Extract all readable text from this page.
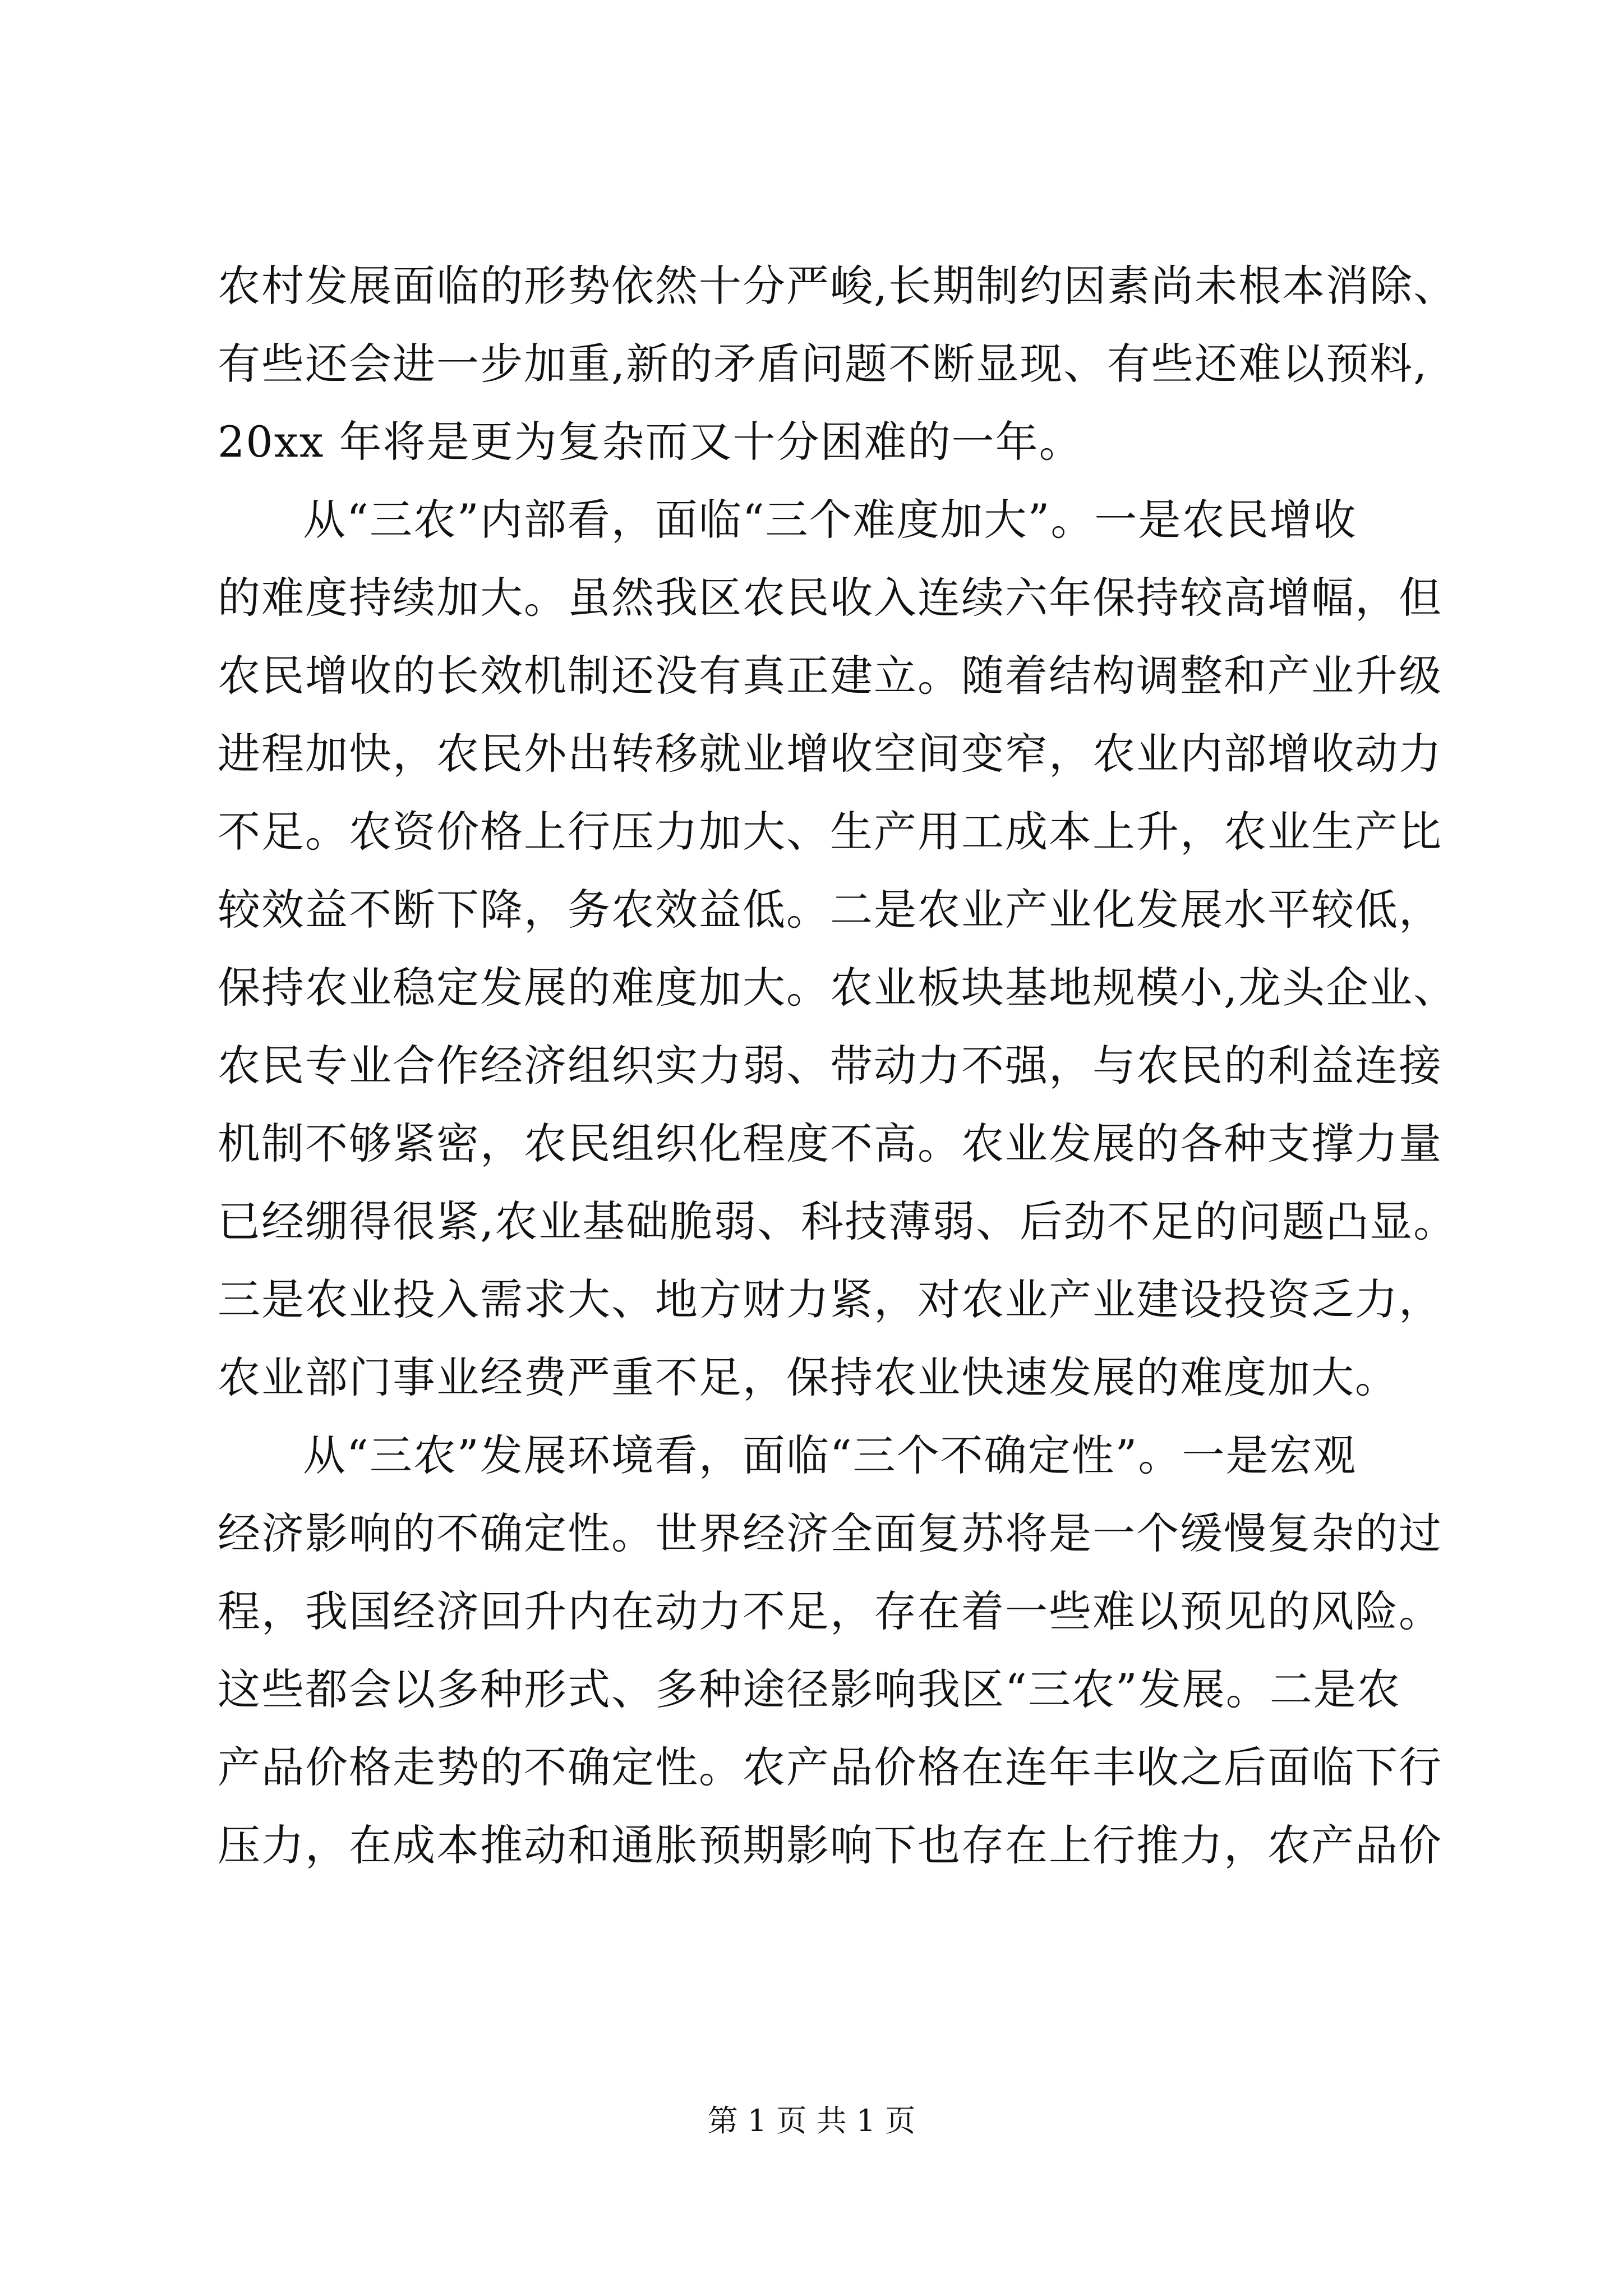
农村发展面临的形势依然十分严峻,长期制约因素尚未根本消除、
有些还会进一步加重,新的矛盾问题不断显现、有些还难以预料,
20xx 年将是更为复杂而又十分困难的一年。
从“三农”内部看，面临“三个难度加大”。一是农民增收
的难度持续加大。虽然我区农民收入连续六年保持较高增幅，但
农民增收的长效机制还没有真正建立。随着结构调整和产业升级
进程加快，农民外出转移就业增收空间变窄，农业内部增收动力
不足。农资价格上行压力加大、生产用工成本上升，农业生产比
较效益不断下降，务农效益低。二是农业产业化发展水平较低，
保持农业稳定发展的难度加大。农业板块基地规模小,龙头企业、
农民专业合作经济组织实力弱、带动力不强，与农民的利益连接
机制不够紧密，农民组织化程度不高。农业发展的各种支撑力量
已经绷得很紧,农业基础脆弱、科技薄弱、后劲不足的问题凸显。
三是农业投入需求大、地方财力紧，对农业产业建设投资乏力，
农业部门事业经费严重不足，保持农业快速发展的难度加大。
从“三农”发展环境看，面临“三个不确定性”。一是宏观
经济影响的不确定性。世界经济全面复苏将是一个缓慢复杂的过
程，我国经济回升内在动力不足，存在着一些难以预见的风险。
这些都会以多种形式、多种途径影响我区“三农”发展。二是农
产品价格走势的不确定性。农产品价格在连年丰收之后面临下行
压力，在成本推动和通胀预期影响下也存在上行推力，农产品价
第 1 页 共 1 页
